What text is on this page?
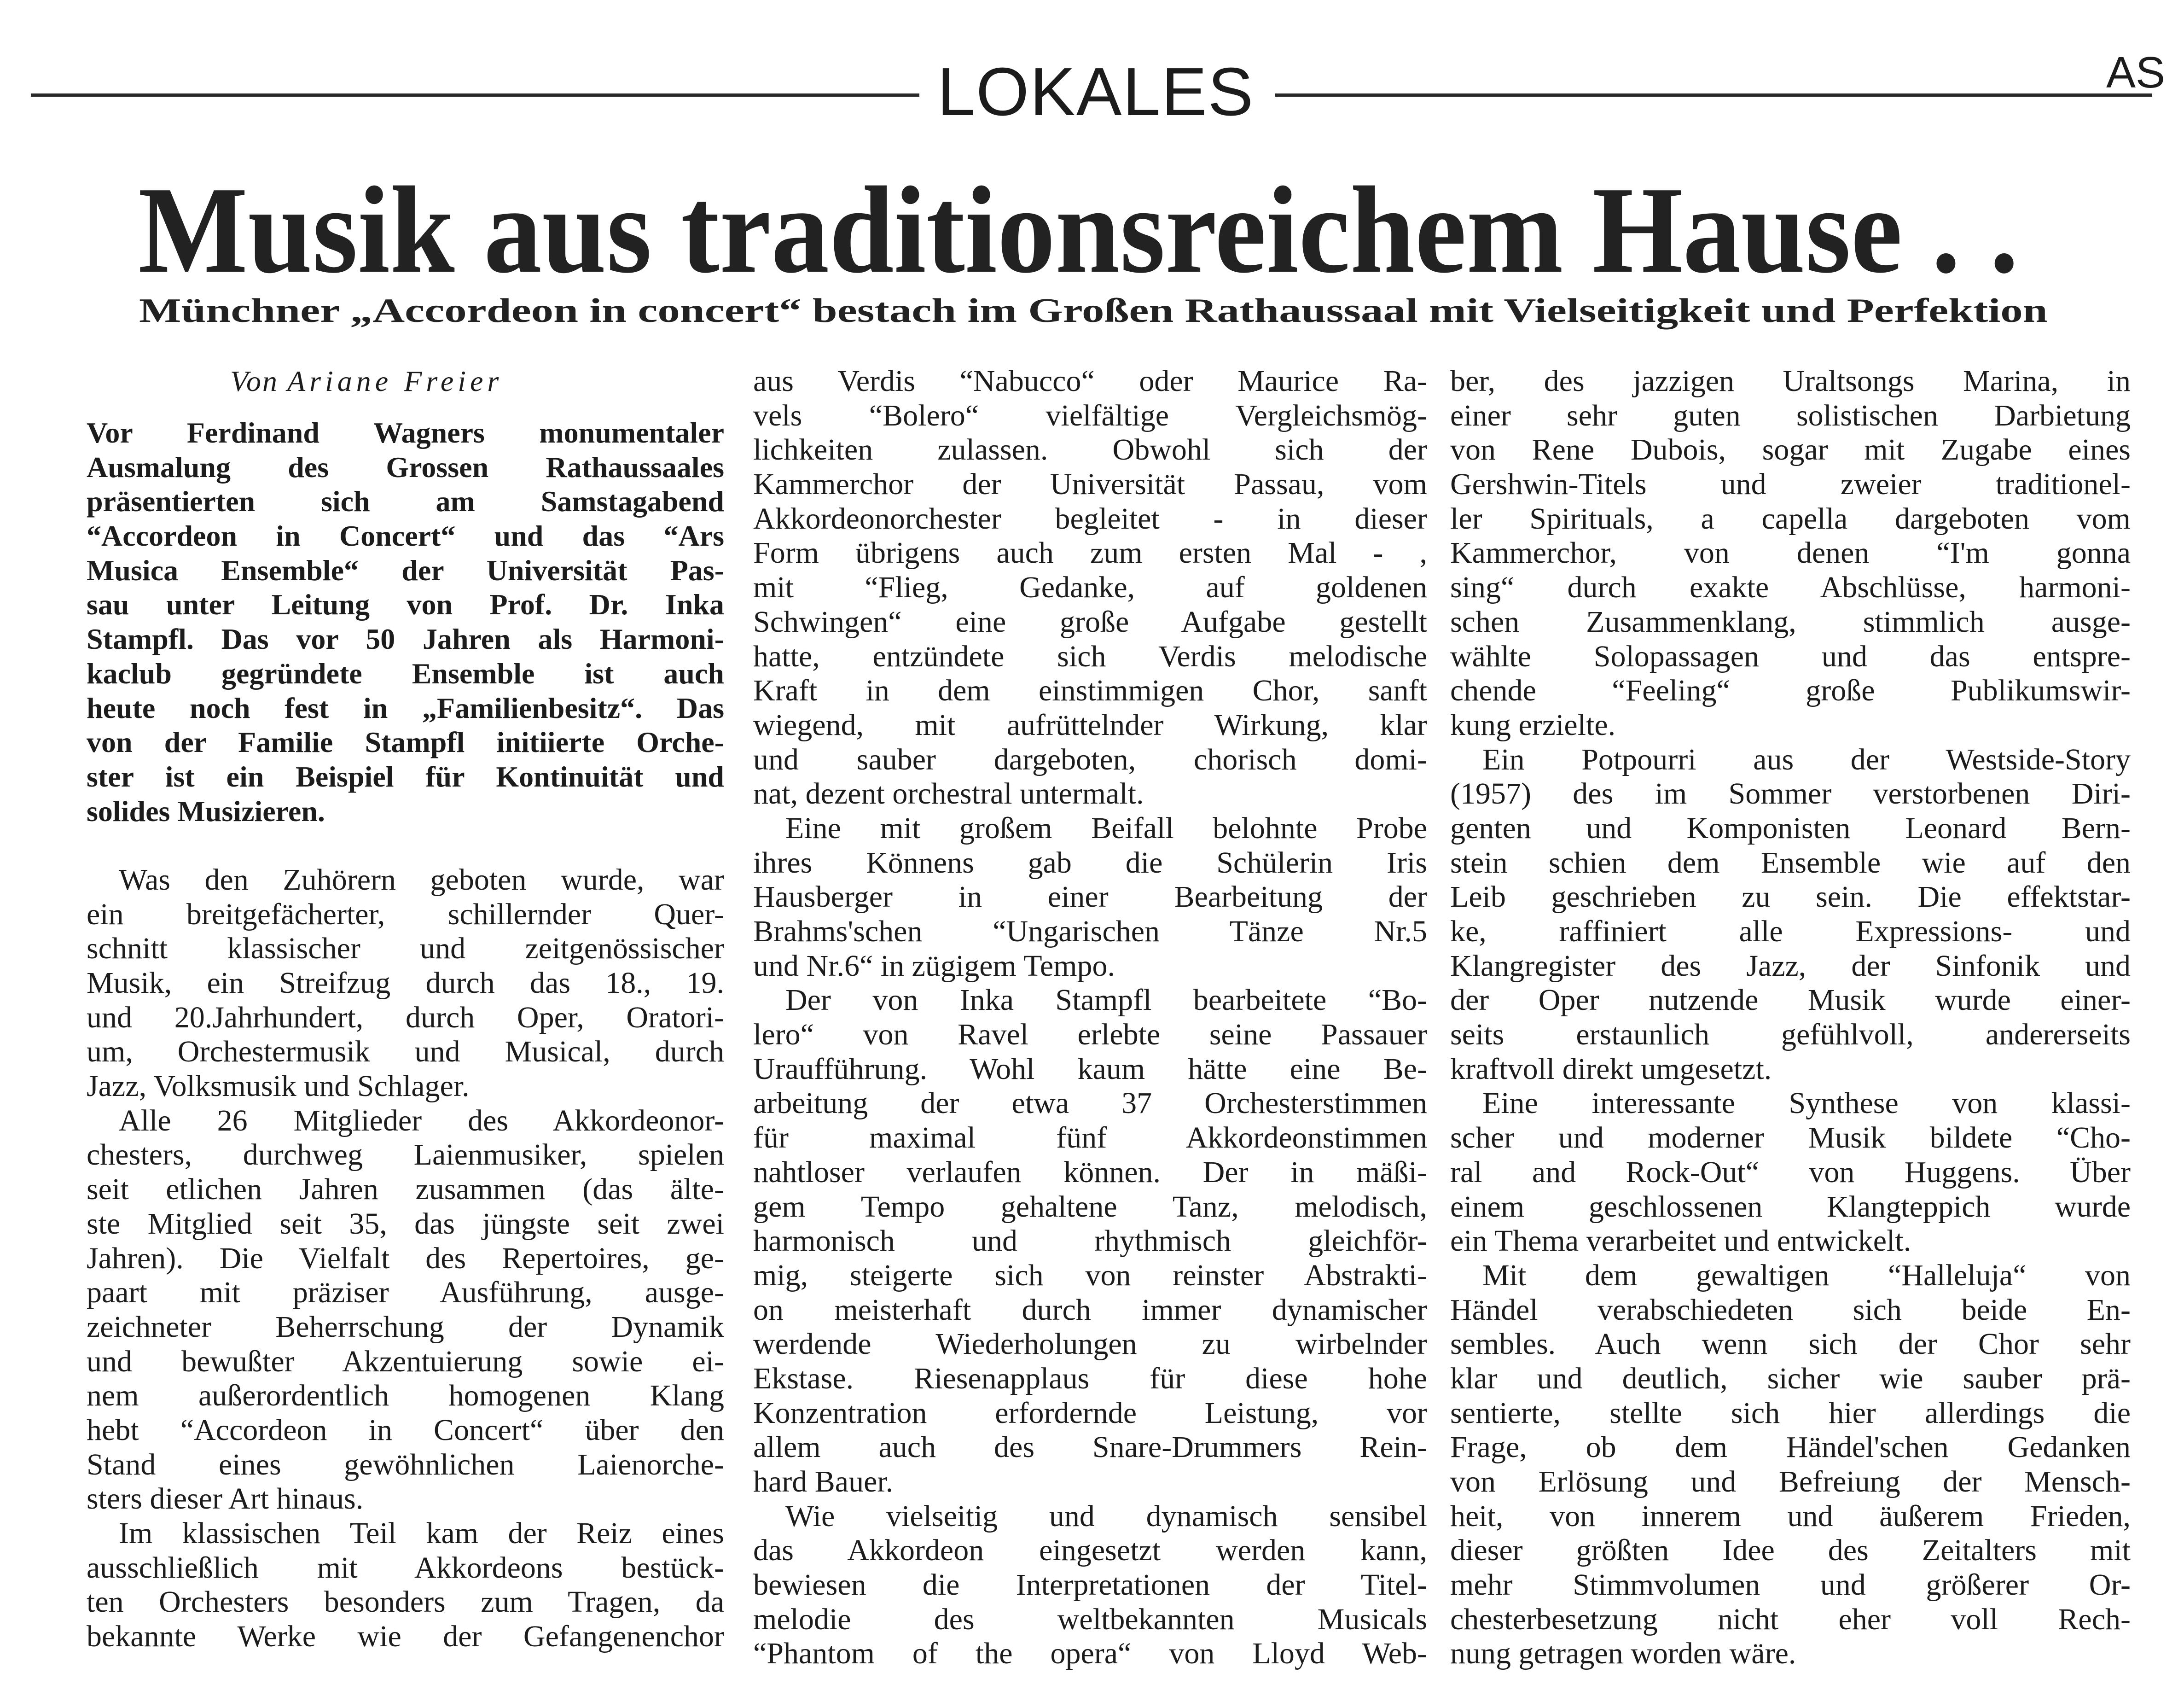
LOKALES	AS
Musik aus traditionsreichem Hause . .
Münchner „Accordeon in concert“ bestach im Großen Rathaussaal mit Vielseitigkeit und Perfektion
Von Ariane Freier
Vor Ferdinand Wagners monumentaler
Ausmalung des Grossen Rathaussaales
präsentierten sich am Samstagabend
“Accordeon in Concert“ und das “Ars
Musica Ensemble“ der Universität Pas-
sau unter Leitung von Prof. Dr. Inka
Stampfl. Das vor 50 Jahren als Harmoni-
kaclub gegründete Ensemble ist auch
heute noch fest in „Familienbesitz“. Das
von der Familie Stampfl initiierte Orche-
ster ist ein Beispiel für Kontinuität und
solides Musizieren.
Was den Zuhörern geboten wurde, war
ein breitgefächerter, schillernder Quer-
schnitt klassischer und zeitgenössischer
Musik, ein Streifzug durch das 18., 19.
und 20.Jahrhundert, durch Oper, Oratori-
um, Orchestermusik und Musical, durch
Jazz, Volksmusik und Schlager.
Alle 26 Mitglieder des Akkordeonor-
chesters, durchweg Laienmusiker, spielen
seit etlichen Jahren zusammen (das älte-
ste Mitglied seit 35, das jüngste seit zwei
Jahren). Die Vielfalt des Repertoires, ge-
paart mit präziser Ausführung, ausge-
zeichneter Beherrschung der Dynamik
und bewußter Akzentuierung sowie ei-
nem außerordentlich homogenen Klang
hebt “Accordeon in Concert“ über den
Stand eines gewöhnlichen Laienorche-
sters dieser Art hinaus.
Im klassischen Teil kam der Reiz eines
ausschließlich mit Akkordeons bestück-
ten Orchesters besonders zum Tragen, da
bekannte Werke wie der Gefangenenchor
aus Verdis “Nabucco“ oder Maurice Ra-
vels “Bolero“ vielfältige Vergleichsmög-
lichkeiten zulassen. Obwohl sich der
Kammerchor der Universität Passau, vom
Akkordeonorchester begleitet - in dieser
Form übrigens auch zum ersten Mal - ,
mit “Flieg, Gedanke, auf goldenen
Schwingen“ eine große Aufgabe gestellt
hatte, entzündete sich Verdis melodische
Kraft in dem einstimmigen Chor, sanft
wiegend, mit aufrüttelnder Wirkung, klar
und sauber dargeboten, chorisch domi-
nat, dezent orchestral untermalt.
Eine mit großem Beifall belohnte Probe
ihres Könnens gab die Schülerin Iris
Hausberger in einer Bearbeitung der
Brahms'schen “Ungarischen Tänze Nr.5
und Nr.6“ in zügigem Tempo.
Der von Inka Stampfl bearbeitete “Bo-
lero“ von Ravel erlebte seine Passauer
Uraufführung. Wohl kaum hätte eine Be-
arbeitung der etwa 37 Orchesterstimmen
für maximal fünf Akkordeonstimmen
nahtloser verlaufen können. Der in mäßi-
gem Tempo gehaltene Tanz, melodisch,
harmonisch und rhythmisch gleichför-
mig, steigerte sich von reinster Abstrakti-
on meisterhaft durch immer dynamischer
werdende Wiederholungen zu wirbelnder
Ekstase. Riesenapplaus für diese hohe
Konzentration erfordernde Leistung, vor
allem auch des Snare-Drummers Rein-
hard Bauer.
Wie vielseitig und dynamisch sensibel
das Akkordeon eingesetzt werden kann,
bewiesen die Interpretationen der Titel-
melodie des weltbekannten Musicals
“Phantom of the opera“ von Lloyd Web-
ber, des jazzigen Uraltsongs Marina, in
einer sehr guten solistischen Darbietung
von Rene Dubois, sogar mit Zugabe eines
Gershwin-Titels und zweier traditionel-
ler Spirituals, a capella dargeboten vom
Kammerchor, von denen “I'm gonna
sing“ durch exakte Abschlüsse, harmoni-
schen Zusammenklang, stimmlich ausge-
wählte Solopassagen und das entspre-
chende “Feeling“ große Publikumswir-
kung erzielte.
Ein Potpourri aus der Westside-Story
(1957) des im Sommer verstorbenen Diri-
genten und Komponisten Leonard Bern-
stein schien dem Ensemble wie auf den
Leib geschrieben zu sein. Die effektstar-
ke, raffiniert alle Expressions- und
Klangregister des Jazz, der Sinfonik und
der Oper nutzende Musik wurde einer-
seits erstaunlich gefühlvoll, andererseits
kraftvoll direkt umgesetzt.
Eine interessante Synthese von klassi-
scher und moderner Musik bildete “Cho-
ral and Rock-Out“ von Huggens. Über
einem geschlossenen Klangteppich wurde
ein Thema verarbeitet und entwickelt.
Mit dem gewaltigen “Halleluja“ von
Händel verabschiedeten sich beide En-
sembles. Auch wenn sich der Chor sehr
klar und deutlich, sicher wie sauber prä-
sentierte, stellte sich hier allerdings die
Frage, ob dem Händel'schen Gedanken
von Erlösung und Befreiung der Mensch-
heit, von innerem und äußerem Frieden,
dieser größten Idee des Zeitalters mit
mehr Stimmvolumen und größerer Or-
chesterbesetzung nicht eher voll Rech-
nung getragen worden wäre.
